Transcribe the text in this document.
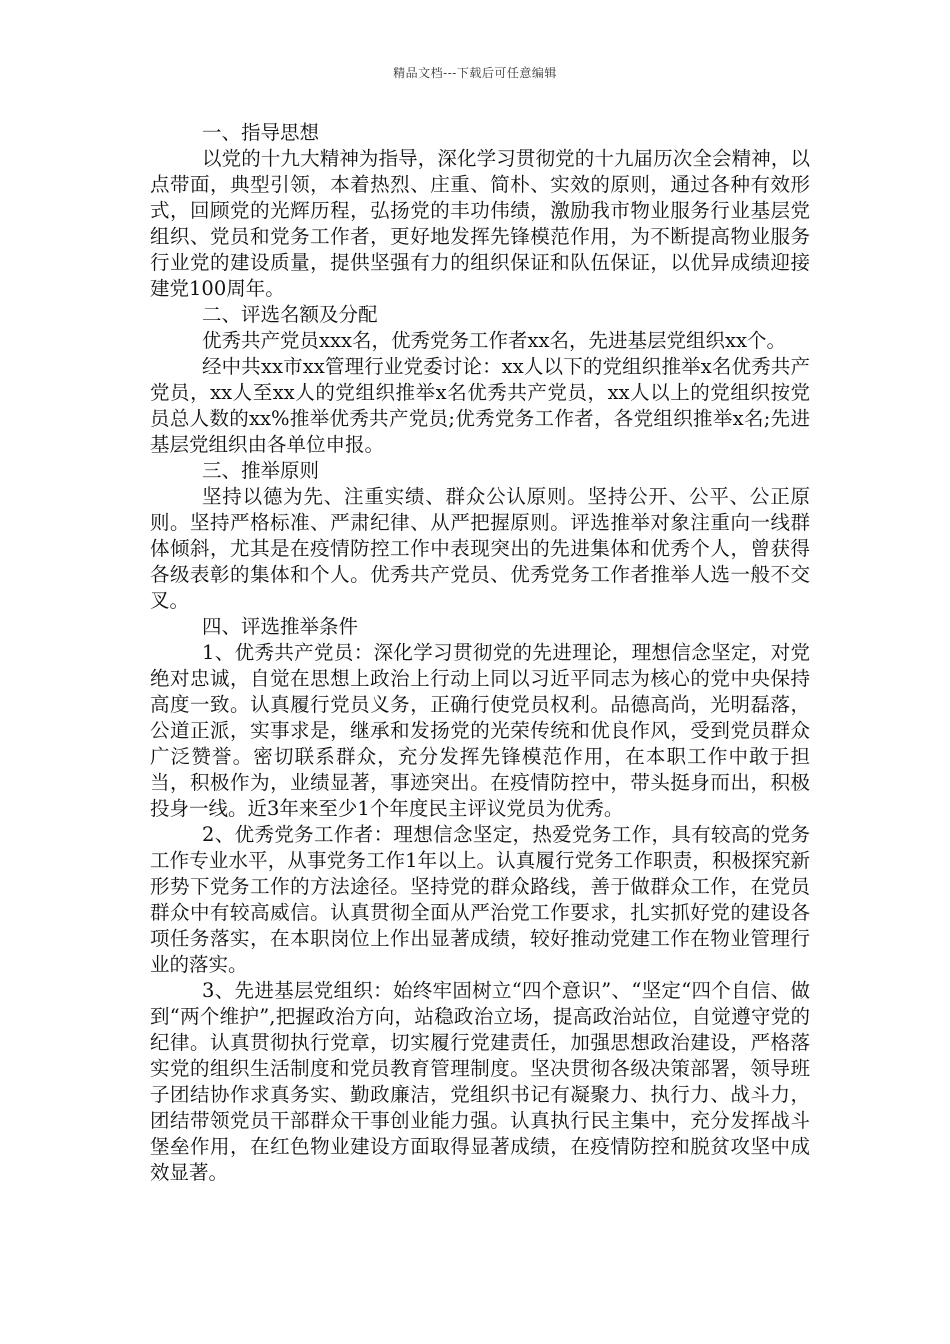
精品文档---下载后可任意编辑

一、指导思想

以党的十九大精神为指导，深化学习贯彻党的十九届历次全会精神，以点带面，典型引领，本着热烈、庄重、简朴、实效的原则，通过各种有效形式，回顾党的光辉历程，弘扬党的丰功伟绩，激励我市物业服务行业基层党组织、党员和党务工作者，更好地发挥先锋模范作用，为不断提高物业服务行业党的建设质量，提供坚强有力的组织保证和队伍保证，以优异成绩迎接建党100周年。

二、评选名额及分配

优秀共产党员xxx名，优秀党务工作者xx名，先进基层党组织xx个。

经中共xx市xx管理行业党委讨论：xx人以下的党组织推举x名优秀共产党员，xx人至xx人的党组织推举x名优秀共产党员，xx人以上的党组织按党员总人数的xx%推举优秀共产党员;优秀党务工作者，各党组织推举x名;先进基层党组织由各单位申报。

三、推举原则

坚持以德为先、注重实绩、群众公认原则。坚持公开、公平、公正原则。坚持严格标准、严肃纪律、从严把握原则。评选推举对象注重向一线群体倾斜，尤其是在疫情防控工作中表现突出的先进集体和优秀个人，曾获得各级表彰的集体和个人。优秀共产党员、优秀党务工作者推举人选一般不交叉。

四、评选推举条件

1、优秀共产党员：深化学习贯彻党的先进理论，理想信念坚定，对党绝对忠诚，自觉在思想上政治上行动上同以习近平同志为核心的党中央保持高度一致。认真履行党员义务，正确行使党员权利。品德高尚，光明磊落，公道正派，实事求是，继承和发扬党的光荣传统和优良作风，受到党员群众广泛赞誉。密切联系群众，充分发挥先锋模范作用，在本职工作中敢于担当，积极作为，业绩显著，事迹突出。在疫情防控中，带头挺身而出，积极投身一线。近3年来至少1个年度民主评议党员为优秀。

2、优秀党务工作者：理想信念坚定，热爱党务工作，具有较高的党务工作专业水平，从事党务工作1年以上。认真履行党务工作职责，积极探究新形势下党务工作的方法途径。坚持党的群众路线，善于做群众工作，在党员群众中有较高威信。认真贯彻全面从严治党工作要求，扎实抓好党的建设各项任务落实，在本职岗位上作出显著成绩，较好推动党建工作在物业管理行业的落实。

3、先进基层党组织：始终牢固树立“四个意识”、“坚定“四个自信、做到“两个维护”,把握政治方向，站稳政治立场，提高政治站位，自觉遵守党的纪律。认真贯彻执行党章，切实履行党建责任，加强思想政治建设，严格落实党的组织生活制度和党员教育管理制度。坚决贯彻各级决策部署，领导班子团结协作求真务实、勤政廉洁，党组织书记有凝聚力、执行力、战斗力，团结带领党员干部群众干事创业能力强。认真执行民主集中，充分发挥战斗堡垒作用，在红色物业建设方面取得显著成绩，在疫情防控和脱贫攻坚中成效显著。
